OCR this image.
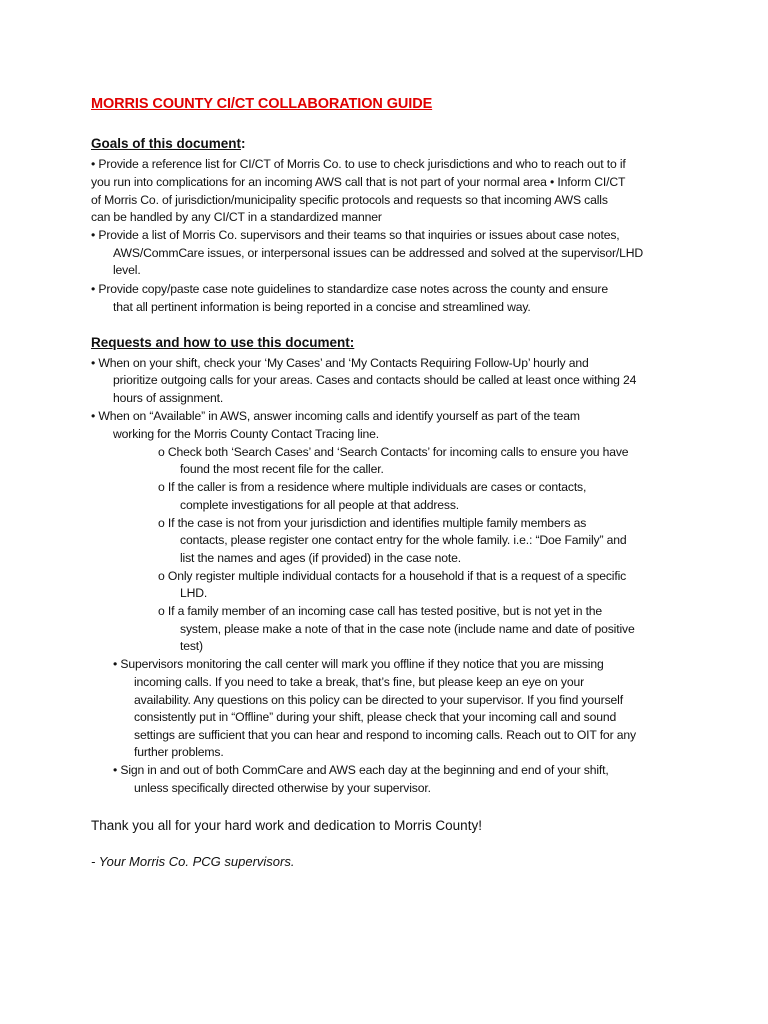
MORRIS COUNTY CI/CT COLLABORATION GUIDE
Goals of this document:
• Provide a reference list for CI/CT of Morris Co. to use to check jurisdictions and who to reach out to if
you run into complications for an incoming AWS call that is not part of your normal area • Inform CI/CT
of Morris Co. of jurisdiction/municipality specific protocols and requests so that incoming AWS calls
can be handled by any CI/CT in a standardized manner
• Provide a list of Morris Co. supervisors and their teams so that inquiries or issues about case notes,
AWS/CommCare issues, or interpersonal issues can be addressed and solved at the supervisor/LHD
level.
• Provide copy/paste case note guidelines to standardize case notes across the county and ensure
that all pertinent information is being reported in a concise and streamlined way.
Requests and how to use this document:
• When on your shift, check your ‘My Cases’ and ‘My Contacts Requiring Follow-Up’ hourly and
prioritize outgoing calls for your areas. Cases and contacts should be called at least once withing 24
hours of assignment.
• When on “Available” in AWS, answer incoming calls and identify yourself as part of the team
working for the Morris County Contact Tracing line.
o Check both ‘Search Cases’ and ‘Search Contacts’ for incoming calls to ensure you have
found the most recent file for the caller.
o If the caller is from a residence where multiple individuals are cases or contacts,
complete investigations for all people at that address.
o If the case is not from your jurisdiction and identifies multiple family members as
contacts, please register one contact entry for the whole family. i.e.: “Doe Family” and
list the names and ages (if provided) in the case note.
o Only register multiple individual contacts for a household if that is a request of a specific
LHD.
o If a family member of an incoming case call has tested positive, but is not yet in the
system, please make a note of that in the case note (include name and date of positive
test)
• Supervisors monitoring the call center will mark you offline if they notice that you are missing
incoming calls. If you need to take a break, that’s fine, but please keep an eye on your
availability. Any questions on this policy can be directed to your supervisor. If you find yourself
consistently put in “Offline” during your shift, please check that your incoming call and sound
settings are sufficient that you can hear and respond to incoming calls. Reach out to OIT for any
further problems.
• Sign in and out of both CommCare and AWS each day at the beginning and end of your shift,
unless specifically directed otherwise by your supervisor.
Thank you all for your hard work and dedication to Morris County!
- Your Morris Co. PCG supervisors.
